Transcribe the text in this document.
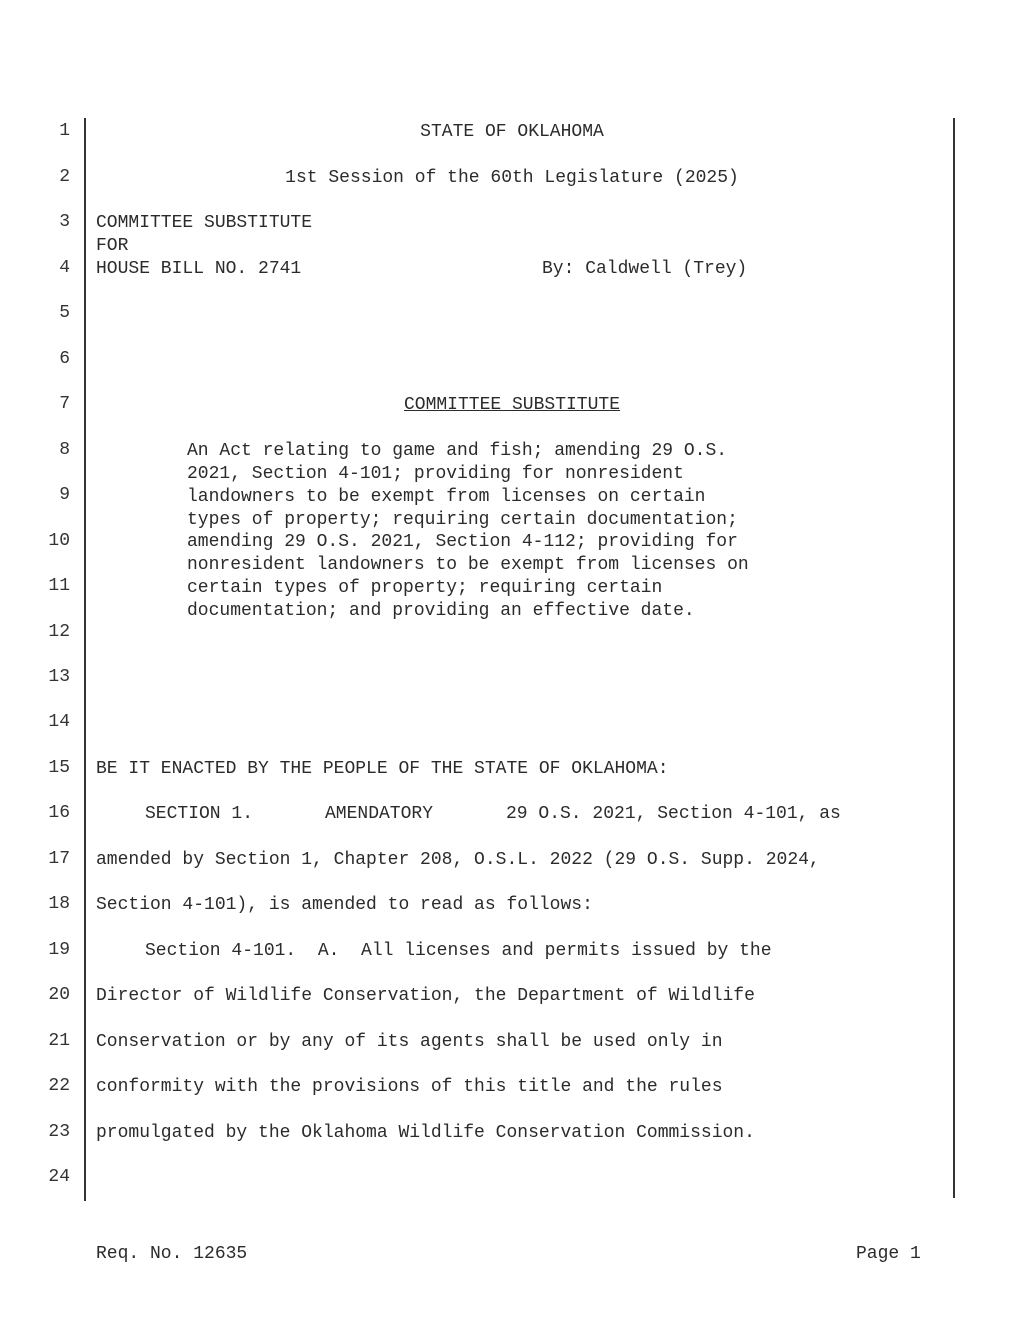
1
2
3
4
5
6
7
8
9
10
11
12
13
14
15
16
17
18
19
20
21
22
23
24
STATE OF OKLAHOMA
1st Session of the 60th Legislature (2025)
COMMITTEE SUBSTITUTE
FOR
HOUSE BILL NO. 2741	By: Caldwell (Trey)
COMMITTEE SUBSTITUTE
An Act relating to game and fish; amending 29 O.S.
2021, Section 4-101; providing for nonresident
landowners to be exempt from licenses on certain
types of property; requiring certain documentation;
amending 29 O.S. 2021, Section 4-112; providing for
nonresident landowners to be exempt from licenses on
certain types of property; requiring certain
documentation; and providing an effective date.
BE IT ENACTED BY THE PEOPLE OF THE STATE OF OKLAHOMA:
SECTION 1.	AMENDATORY	29 O.S. 2021, Section 4-101, as
amended by Section 1, Chapter 208, O.S.L. 2022 (29 O.S. Supp. 2024,
Section 4-101), is amended to read as follows:
Section 4-101.  A.  All licenses and permits issued by the
Director of Wildlife Conservation, the Department of Wildlife
Conservation or by any of its agents shall be used only in
conformity with the provisions of this title and the rules
promulgated by the Oklahoma Wildlife Conservation Commission.
Req. No. 12635	Page 1
